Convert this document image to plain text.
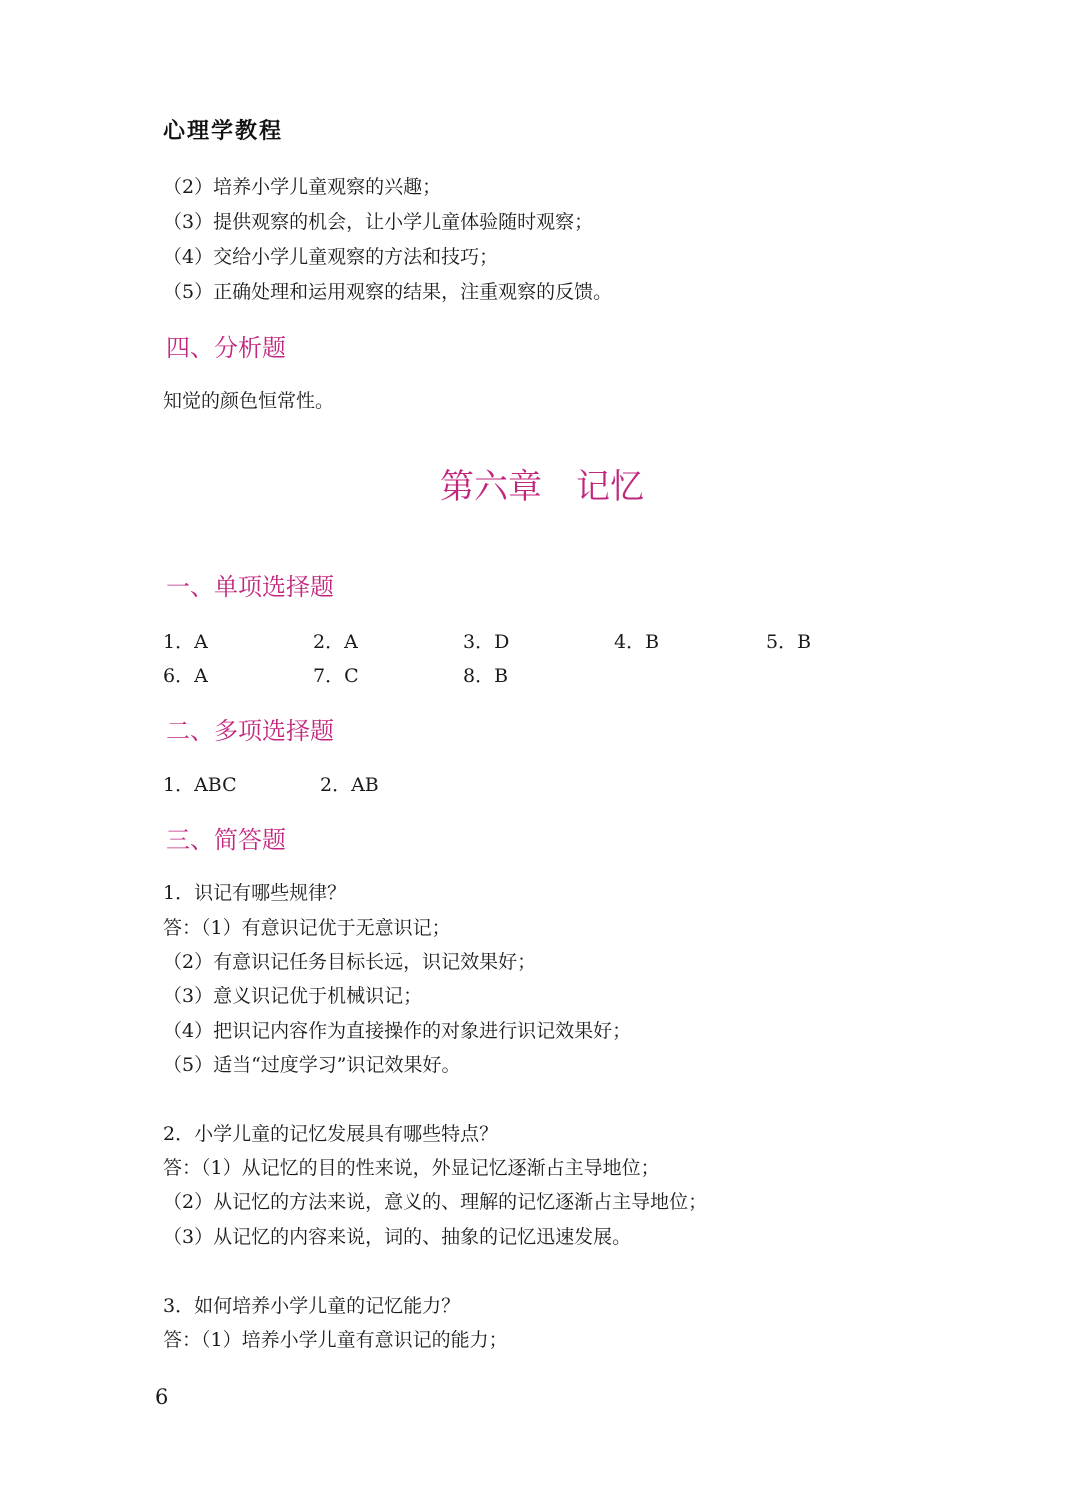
心理学教程
（2）培养小学儿童观察的兴趣；
（3）提供观察的机会，让小学儿童体验随时观察；
（4）交给小学儿童观察的方法和技巧；
（5）正确处理和运用观察的结果，注重观察的反馈。
四、分析题
知觉的颜色恒常性。
第六章　记忆
一、单项选择题
1．A	2．A	3．D	4．B	5．B
6．A	7．C	8．B
二、多项选择题
1．ABC	2．AB
三、简答题
1．识记有哪些规律？
答：（1）有意识记优于无意识记；
（2）有意识记任务目标长远，识记效果好；
（3）意义识记优于机械识记；
（4）把识记内容作为直接操作的对象进行识记效果好；
（5）适当“过度学习”识记效果好。
2．小学儿童的记忆发展具有哪些特点？
答：（1）从记忆的目的性来说，外显记忆逐渐占主导地位；
（2）从记忆的方法来说，意义的、理解的记忆逐渐占主导地位；
（3）从记忆的内容来说，词的、抽象的记忆迅速发展。
3．如何培养小学儿童的记忆能力？
答：（1）培养小学儿童有意识记的能力；
6
